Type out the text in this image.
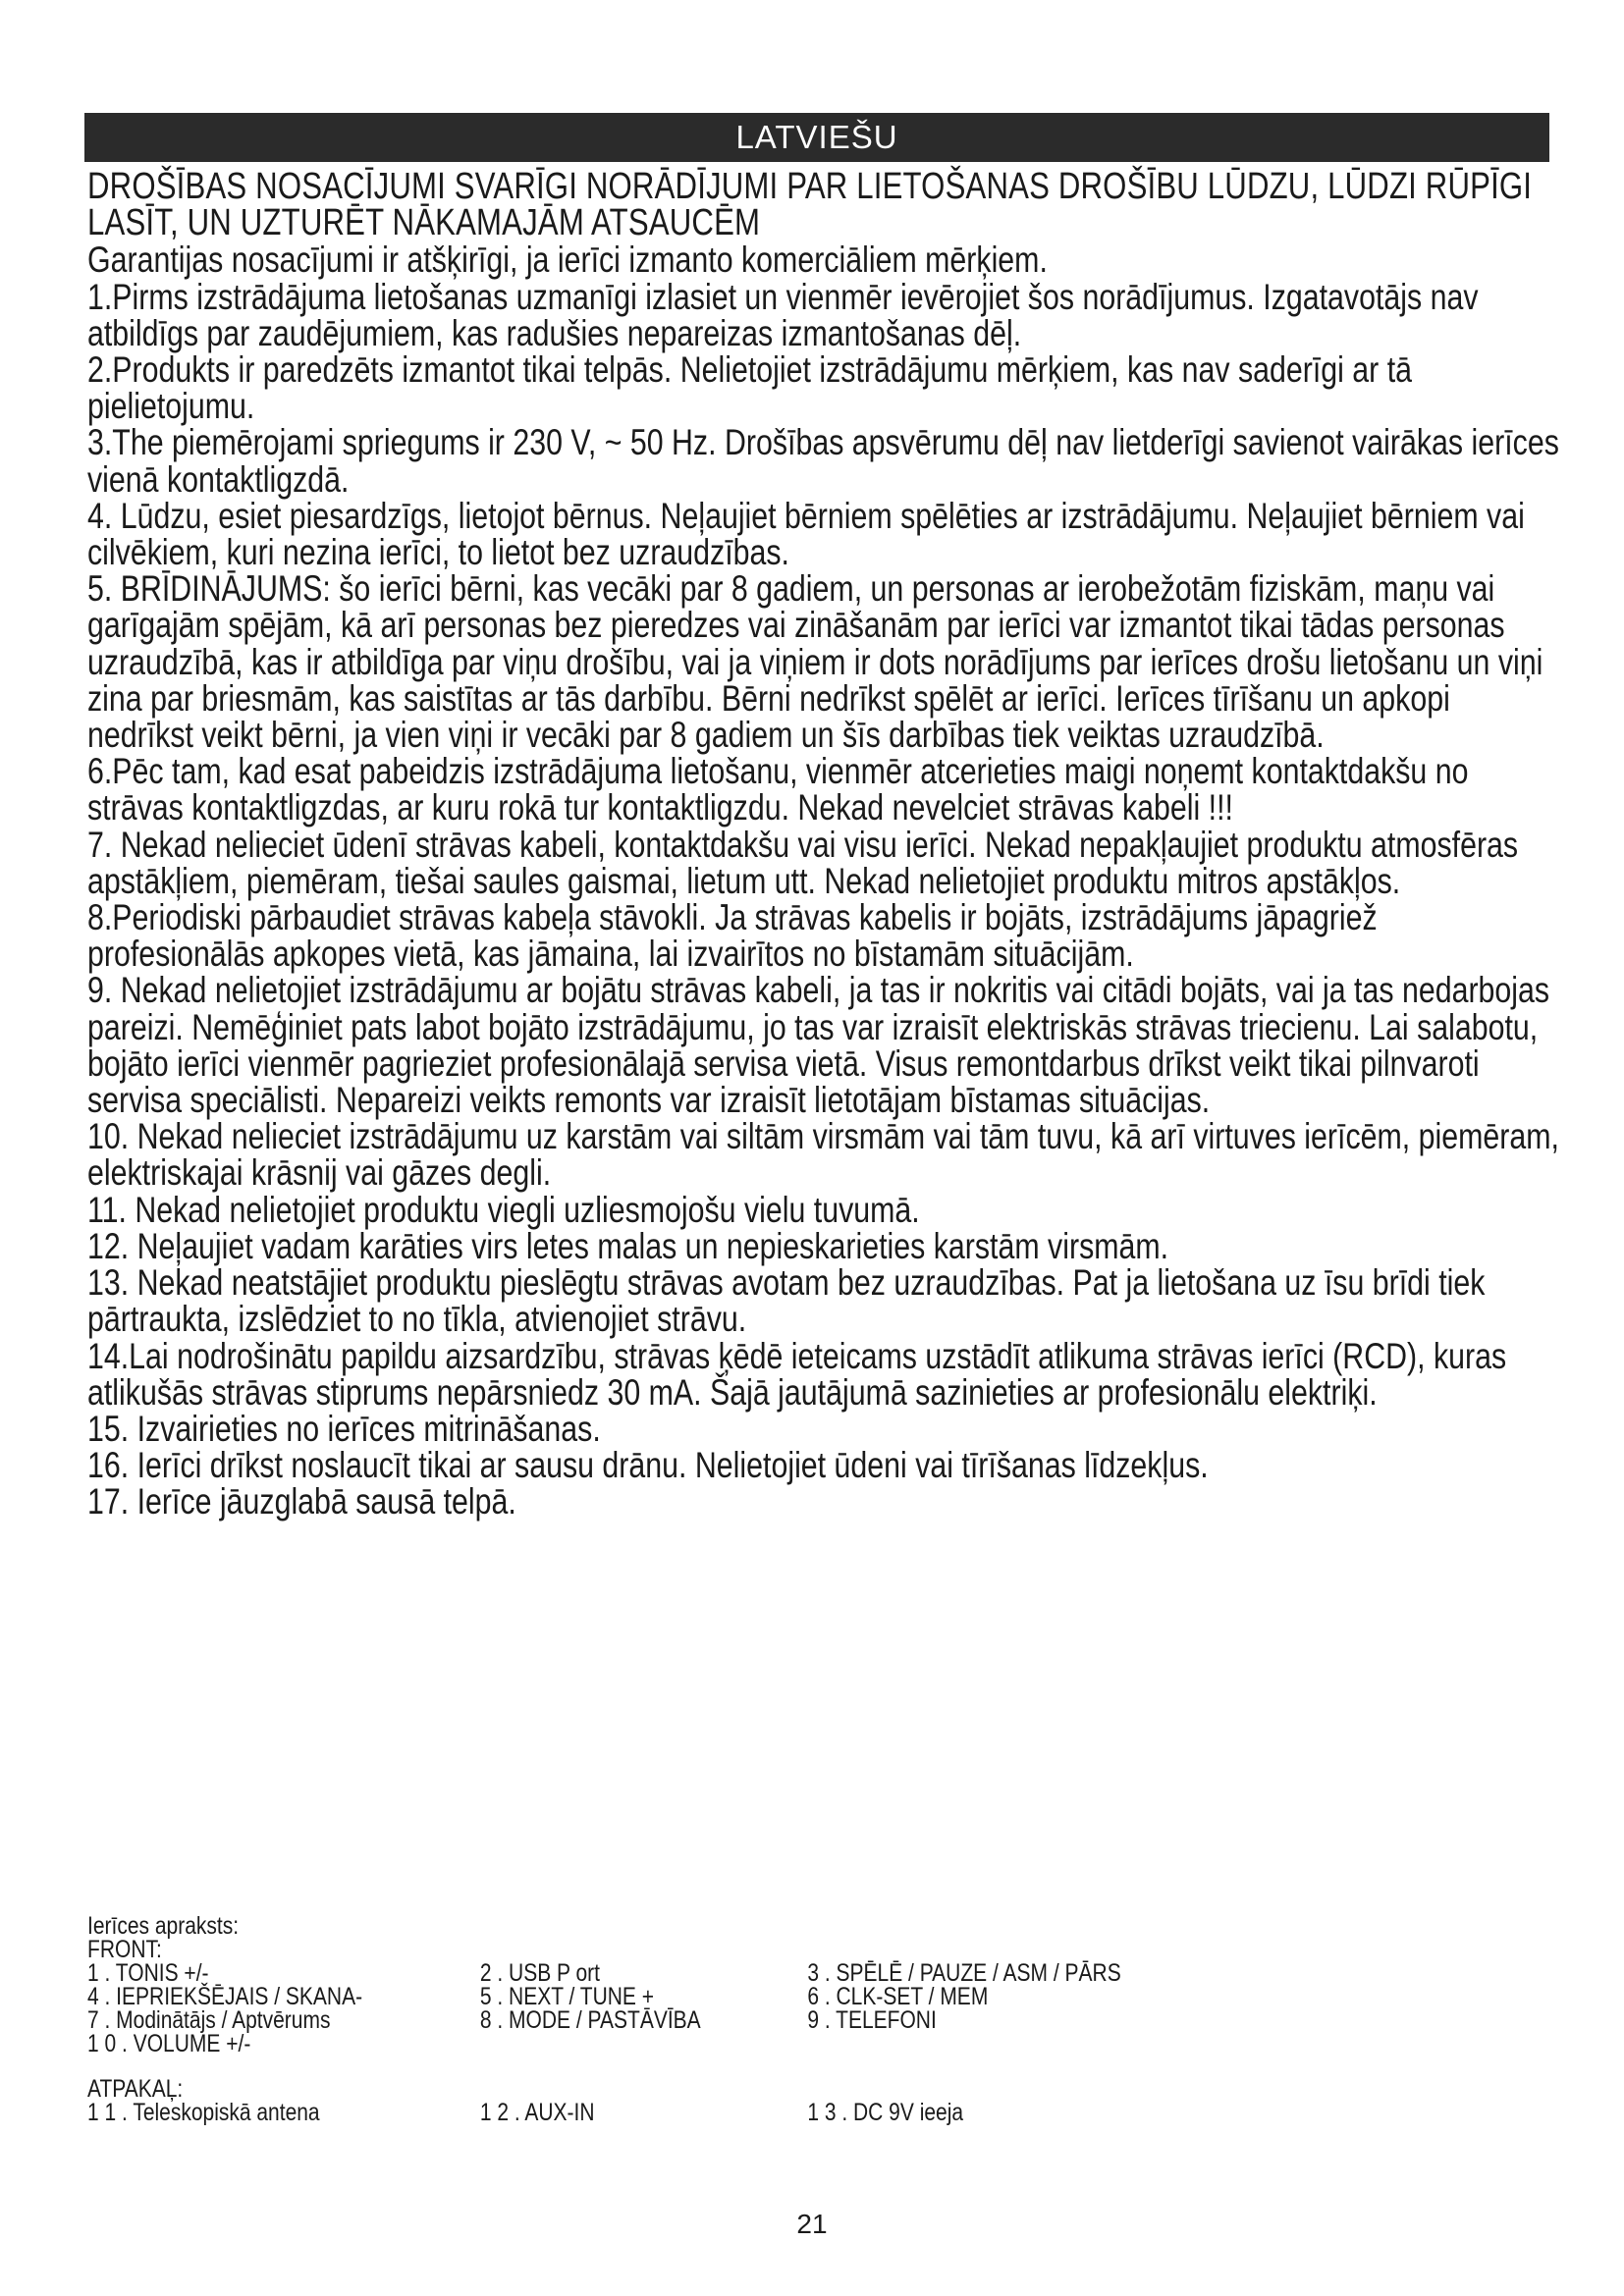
LATVIEŠU

DROŠĪBAS NOSACĪJUMI SVARĪGI NORĀDĪJUMI PAR LIETOŠANAS DROŠĪBU LŪDZU, LŪDZI RŪPĪGI LASĪT, UN UZTURĒT NĀKAMAJĀM ATSAUCĒM

Garantijas nosacījumi ir atšķirīgi, ja ierīci izmanto komerciāliem mērķiem.

1.Pirms izstrādājuma lietošanas uzmanīgi izlasiet un vienmēr ievērojiet šos norādījumus. Izgatavotājs nav atbildīgs par zaudējumiem, kas radušies nepareizas izmantošanas dēļ.

2.Produkts ir paredzēts izmantot tikai telpās. Nelietojiet izstrādājumu mērķiem, kas nav saderīgi ar tā pielietojumu.

3.The piemērojami spriegums ir 230 V, ~ 50 Hz. Drošības apsvērumu dēļ nav lietderīgi savienot vairākas ierīces vienā kontaktligzdā.

4. Lūdzu, esiet piesardzīgs, lietojot bērnus. Neļaujiet bērniem spēlēties ar izstrādājumu. Neļaujiet bērniem vai cilvēkiem, kuri nezina ierīci, to lietot bez uzraudzības.

5. BRĪDINĀJUMS: šo ierīci bērni, kas vecāki par 8 gadiem, un personas ar ierobežotām fiziskām, maņu vai garīgajām spējām, kā arī personas bez pieredzes vai zināšanām par ierīci var izmantot tikai tādas personas uzraudzībā, kas ir atbildīga par viņu drošību, vai ja viņiem ir dots norādījums par ierīces drošu lietošanu un viņi zina par briesmām, kas saistītas ar tās darbību. Bērni nedrīkst spēlēt ar ierīci. Ierīces tīrīšanu un apkopi nedrīkst veikt bērni, ja vien viņi ir vecāki par 8 gadiem un šīs darbības tiek veiktas uzraudzībā.

6.Pēc tam, kad esat pabeidzis izstrādājuma lietošanu, vienmēr atcerieties maigi noņemt kontaktdakšu no strāvas kontaktligzdas, ar kuru rokā tur kontaktligzdu. Nekad nevelciet strāvas kabeli !!!

7. Nekad nelieciet ūdenī strāvas kabeli, kontaktdakšu vai visu ierīci. Nekad nepakļaujiet produktu atmosfēras apstākļiem, piemēram, tiešai saules gaismai, lietum utt. Nekad nelietojiet produktu mitros apstākļos.

8.Periodiski pārbaudiet strāvas kabeļa stāvokli. Ja strāvas kabelis ir bojāts, izstrādājums jāpagriež profesionālās apkopes vietā, kas jāmaina, lai izvairītos no bīstamām situācijām.

9. Nekad nelietojiet izstrādājumu ar bojātu strāvas kabeli, ja tas ir nokritis vai citādi bojāts, vai ja tas nedarbojas pareizi. Nemēģiniet pats labot bojāto izstrādājumu, jo tas var izraisīt elektriskās strāvas triecienu. Lai salabotu, bojāto ierīci vienmēr pagrieziet profesionālajā servisa vietā. Visus remontdarbus drīkst veikt tikai pilnvaroti servisa speciālisti. Nepareizi veikts remonts var izraisīt lietotājam bīstamas situācijas.

10. Nekad nelieciet izstrādājumu uz karstām vai siltām virsmām vai tām tuvu, kā arī virtuves ierīcēm, piemēram, elektriskajai krāsnij vai gāzes degli.

11. Nekad nelietojiet produktu viegli uzliesmojošu vielu tuvumā.

12. Neļaujiet vadam karāties virs letes malas un nepieskarieties karstām virsmām.

13. Nekad neatstājiet produktu pieslēgtu strāvas avotam bez uzraudzības. Pat ja lietošana uz īsu brīdi tiek pārtraukta, izslēdziet to no tīkla, atvienojiet strāvu.

14.Lai nodrošinātu papildu aizsardzību, strāvas ķēdē ieteicams uzstādīt atlikuma strāvas ierīci (RCD), kuras atlikušās strāvas stiprums nepārsniedz 30 mA. Šajā jautājumā sazinieties ar profesionālu elektriķi.

15. Izvairieties no ierīces mitrināšanas.

16. Ierīci drīkst noslaucīt tikai ar sausu drānu. Nelietojiet ūdeni vai tīrīšanas līdzekļus.

17. Ierīce jāuzglabā sausā telpā.

Ierīces apraksts:
FRONT:
1 . TONIS +/-	2 . USB P ort	3 . SPĒLĒ / PAUZE / ASM / PĀRS
4 . IEPRIEKŠĒJAIS / SKANA-	5 . NEXT / TUNE +	6 . CLK-SET / MEM
7 . Modinātājs / Aptvērums	8 . MODE / PASTĀVĪBA	9 . TELEFONI
1 0 . VOLUME +/-
ATPAKAĻ:
1 1 . Teleskopiskā antena	1 2 . AUX-IN	1 3 . DC 9V ieeja
21
